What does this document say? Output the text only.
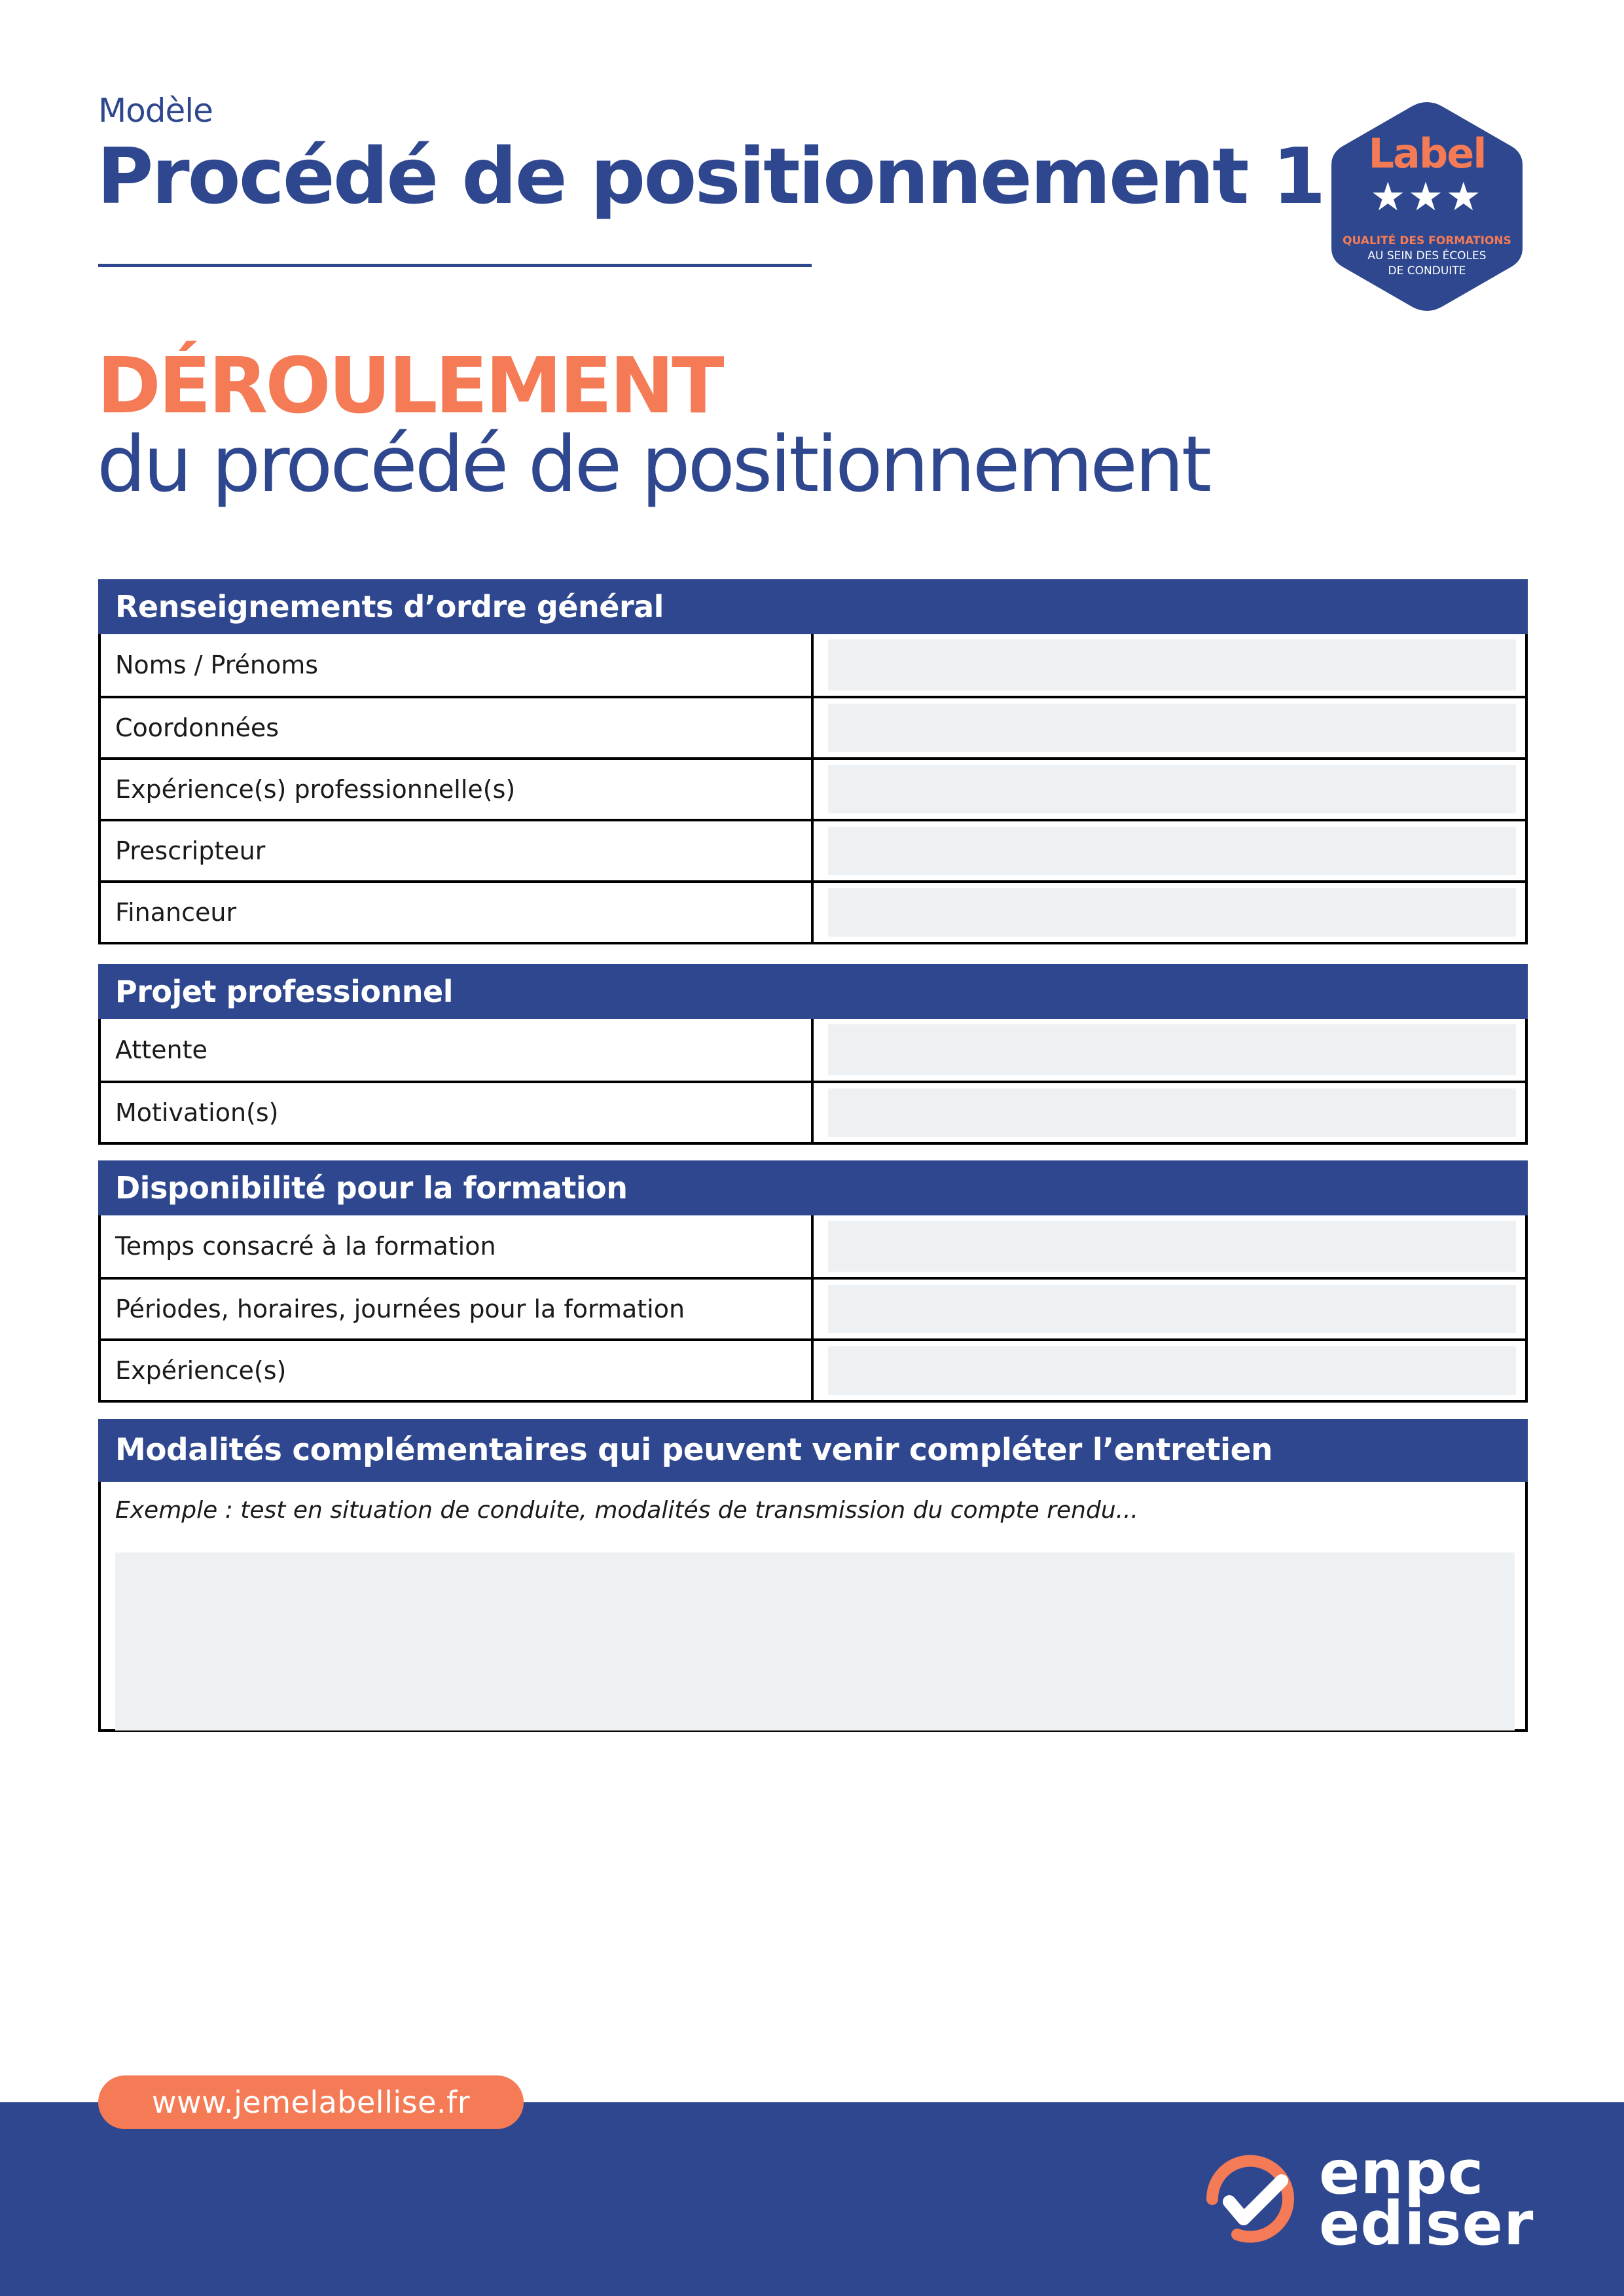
Modèle
Procédé de positionnement 1	Label
★★★
QUALITÉ DES FORMATIONS
AU SEIN DES ÉCOLES
DE CONDUITE
DÉROULEMENT
du procédé de positionnement
Renseignements d’ordre général
Noms / Prénoms
Coordonnées
Expérience(s) professionnelle(s)
Prescripteur
Financeur
Projet professionnel
Attente
Motivation(s)
Disponibilité pour la formation
Temps consacré à la formation
Périodes, horaires, journées pour la formation
Expérience(s)
Modalités complémentaires qui peuvent venir compléter l’entretien
Exemple : test en situation de conduite, modalités de transmission du compte rendu...
www.jemelabellise.fr
enpc
ediser
